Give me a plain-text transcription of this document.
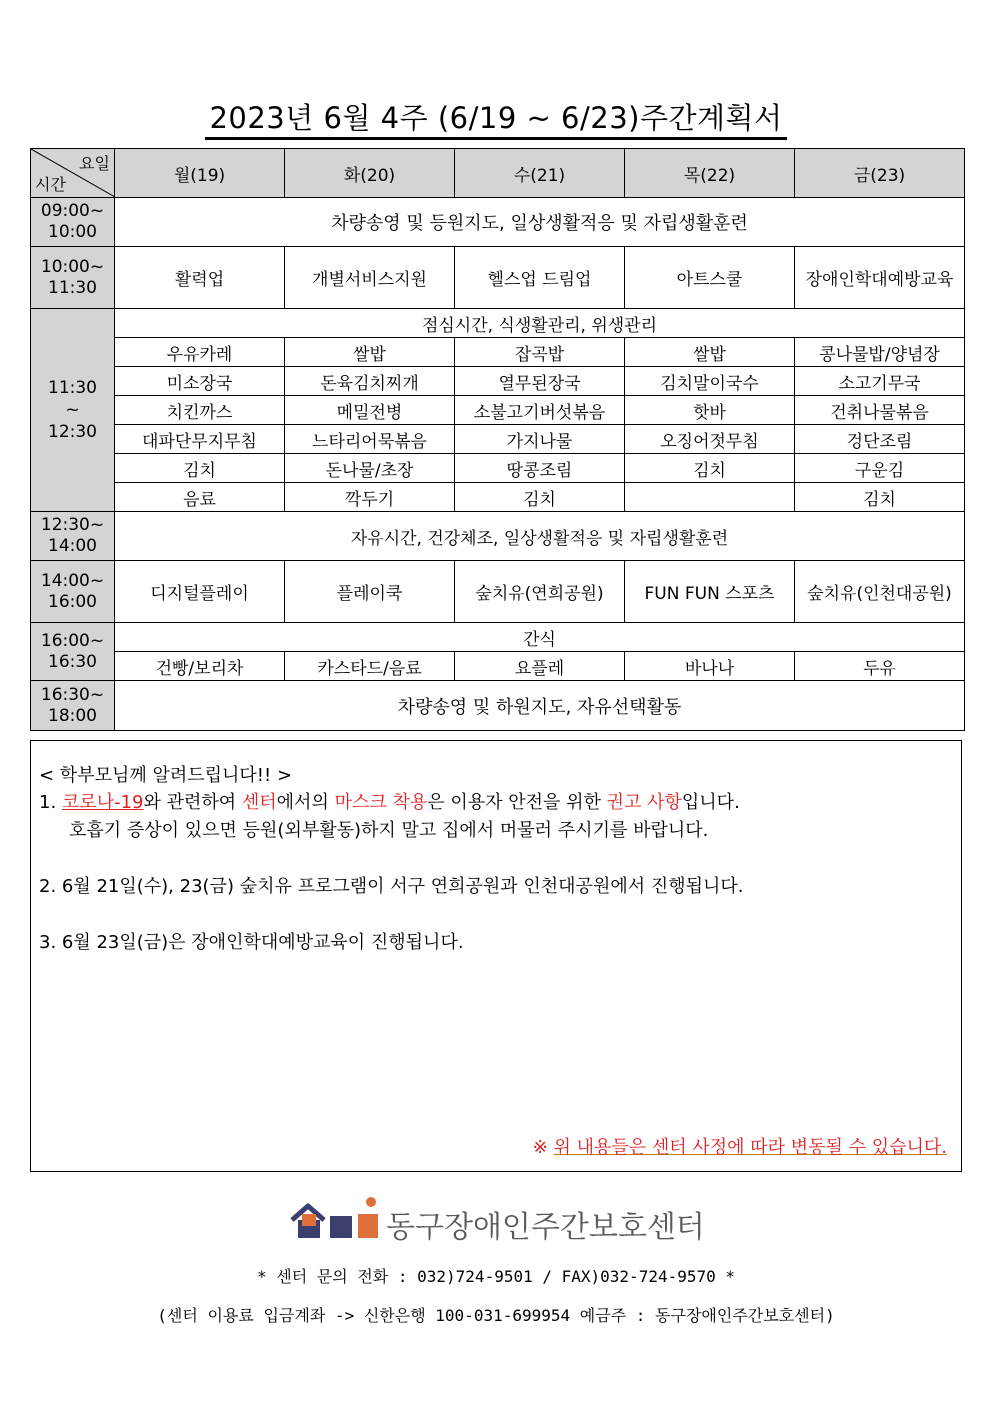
2023년 6월 4주 (6/19 ~ 6/23)주간계획서
요일
시간	월(19)	화(20)	수(21)	목(22)	금(23)

09:00~
10:00	차량송영 및 등원지도, 일상생활적응 및 자립생활훈련				

10:00~
11:30	활력업	개별서비스지원	헬스업 드림업	아트스쿨	장애인학대예방교육

11:30
~
12:30	점심시간, 식생활관리, 위생관리				
	우유카레	쌀밥	잡곡밥	쌀밥	콩나물밥/양념장
	미소장국	돈육김치찌개	열무된장국	김치말이국수	소고기무국
	치킨까스	메밀전병	소불고기버섯볶음	핫바	건취나물볶음
	대파단무지무침	느타리어묵볶음	가지나물	오징어젓무침	겅단조림
	김치	돈나물/초장	땅콩조림	김치	구운김
	음료	깍두기	김치		김치

12:30~
14:00	자유시간, 건강체조, 일상생활적응 및 자립생활훈련				

14:00~
16:00	디지털플레이	플레이쿡	숲치유(연희공원)	FUN FUN 스포츠	숲치유(인천대공원)

16:00~
16:30	간식				
	건빵/보리차	카스타드/음료	요플레	바나나	두유

16:30~
18:00	차량송영 및 하원지도, 자유선택활동				
< 학부모님께 알려드립니다!! >
1. 코로나-19와 관련하여 센터에서의 마스크 착용은 이용자 안전을 위한 권고 사항입니다.
호흡기 증상이 있으면 등원(외부활동)하지 말고 집에서 머물러 주시기를 바랍니다.
2. 6월 21일(수), 23(금) 숲치유 프로그램이 서구 연희공원과 인천대공원에서 진행됩니다.
3. 6월 23일(금)은 장애인학대예방교육이 진행됩니다.
※ 위 내용들은 센터 사정에 따라 변동될 수 있습니다.
동구장애인주간보호센터
* 센터 문의 전화 : 032)724-9501 / FAX)032-724-9570 *
(센터 이용료 입금계좌 -> 신한은행 100-031-699954 예금주 : 동구장애인주간보호센터)
